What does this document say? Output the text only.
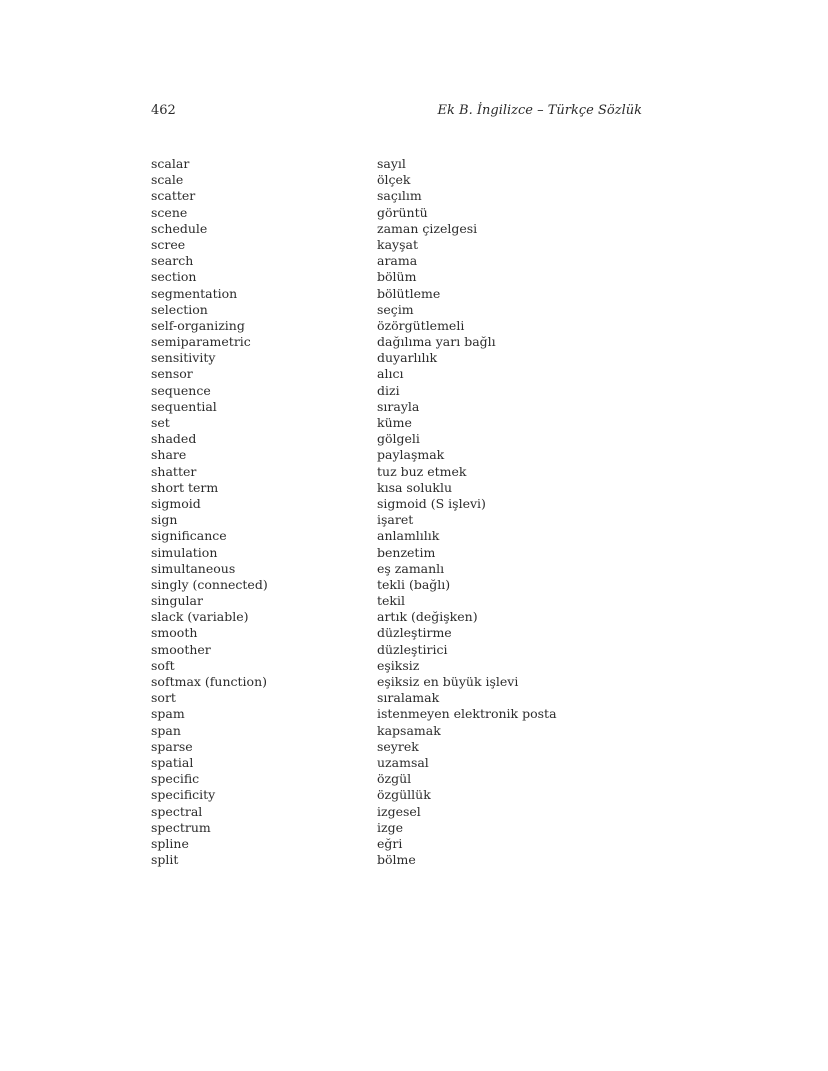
462	Ek B. İngilizce – Türkçe Sözlük
scalar	sayıl
scale	ölçek
scatter	saçılım
scene	görüntü
schedule	zaman çizelgesi
scree	kayşat
search	arama
section	bölüm
segmentation	bölütleme
selection	seçim
self-organizing	özörgütlemeli
semiparametric	dağılıma yarı bağlı
sensitivity	duyarlılık
sensor	alıcı
sequence	dizi
sequential	sırayla
set	küme
shaded	gölgeli
share	paylaşmak
shatter	tuz buz etmek
short term	kısa soluklu
sigmoid	sigmoid (S işlevi)
sign	işaret
significance	anlamlılık
simulation	benzetim
simultaneous	eş zamanlı
singly (connected)	tekli (bağlı)
singular	tekil
slack (variable)	artık (değişken)
smooth	düzleştirme
smoother	düzleştirici
soft	eşiksiz
softmax (function)	eşiksiz en büyük işlevi
sort	sıralamak
spam	istenmeyen elektronik posta
span	kapsamak
sparse	seyrek
spatial	uzamsal
specific	özgül
specificity	özgüllük
spectral	izgesel
spectrum	izge
spline	eğri
split	bölme
